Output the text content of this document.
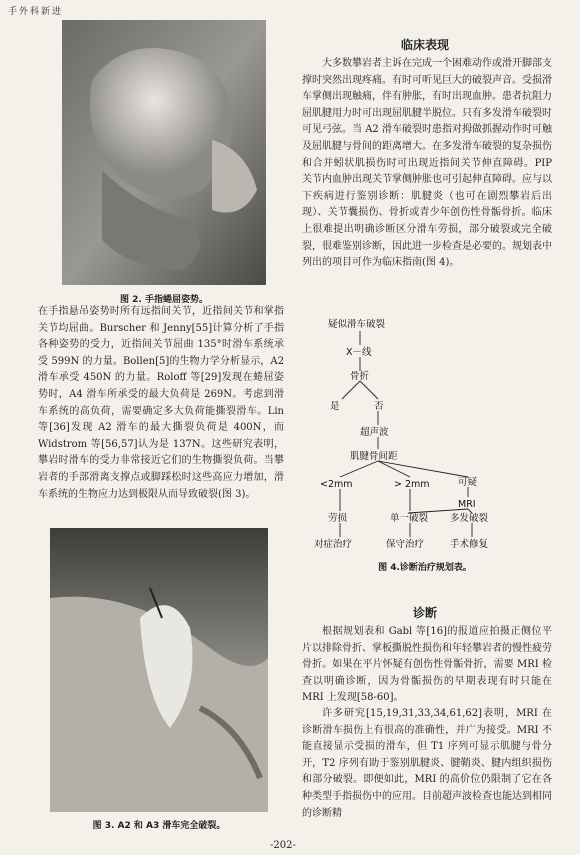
手外科新进
图 2. 手指蜷屈姿势。

在手指悬吊姿势时所有远指间关节，近指间关节和掌指关节均屈曲。Burscher 和 Jenny[55]计算分析了手指各种姿势的受力，近指间关节屈曲 135°时滑车系统承受 599N 的力量。Bollen[5]的生物力学分析显示，A2 滑车承受 450N 的力量。Roloff 等[29]发现在蜷屈姿势时，A4 滑车所承受的最大负荷是 269N。考虑到滑车系统的高负荷，需要确定多大负荷能撕裂滑车。Lin 等[36]发现 A2 滑车的最大撕裂负荷是 400N，而 Widstrom 等[56,57]认为是 137N。这些研究表明，攀岩时滑车的受力非常接近它们的生物撕裂负荷。当攀岩者的手部滑离支撑点或脚踩松时这些高应力增加，滑车系统的生物应力达到极限从而导致破裂(图 3)。

图 3. A2 和 A3 滑车完全破裂。
临床表现

大多数攀岩者主诉在完成一个困难动作或滑开脚部支撑时突然出现疼痛。有时可听见巨大的破裂声音。受损滑车掌侧出现触痛，伴有肿胀，有时出现血肿。患者抗阻力屈肌腱用力时可出现屈肌腱半脱位。只有多发滑车破裂时可见弓弦。当 A2 滑车破裂时患指对拇做抓握动作时可触及屈肌腱与骨间的距离增大。在多发滑车破裂的复杂损伤和合并蚓状肌损伤时可出现近指间关节伸直障碍。PIP 关节内血肿出现关节掌侧肿胀也可引起伸直障碍。应与以下疾病进行鉴别诊断：肌腱炎（也可在剧烈攀岩后出现）、关节囊损伤、骨折或青少年创伤性骨骺骨折。临床上很难提出明确诊断区分滑车劳损，部分破裂或完全破裂，很难鉴别诊断，因此进一步检查是必要的。规划表中列出的项目可作为临床指南(图 4)。

疑似滑车破裂
X－线
骨折
是	否
超声波
肌腱骨间距
<2mm	> 2mm	可疑
MRI
劳损	单一破裂 多发破裂
对症治疗	保守治疗	手术修复
图 4.诊断治疗规划表。
诊断

根据规划表和 Gabl 等[16]的报道应拍摄正侧位平片以排除骨折、掌板撕脱性损伤和年轻攀岩者的慢性疲劳骨折。如果在平片怀疑有创伤性骨骺骨折，需要 MRI 检查以明确诊断，因为骨骺损伤的早期表现有时只能在 MRI 上发现[58-60]。

许多研究[15,19,31,33,34,61,62]表明，MRI 在诊断滑车损伤上有很高的准确性，并广为接受。MRI 不能直接显示受损的滑车，但 T1 序列可显示肌腱与骨分开，T2 序列有助于鉴别肌腱炎、腱鞘炎、腱内组织损伤和部分破裂。即便如此，MRI 的高价位仍限制了它在各种类型手指损伤中的应用。目前超声波检查也能达到相同的诊断精

-202-
